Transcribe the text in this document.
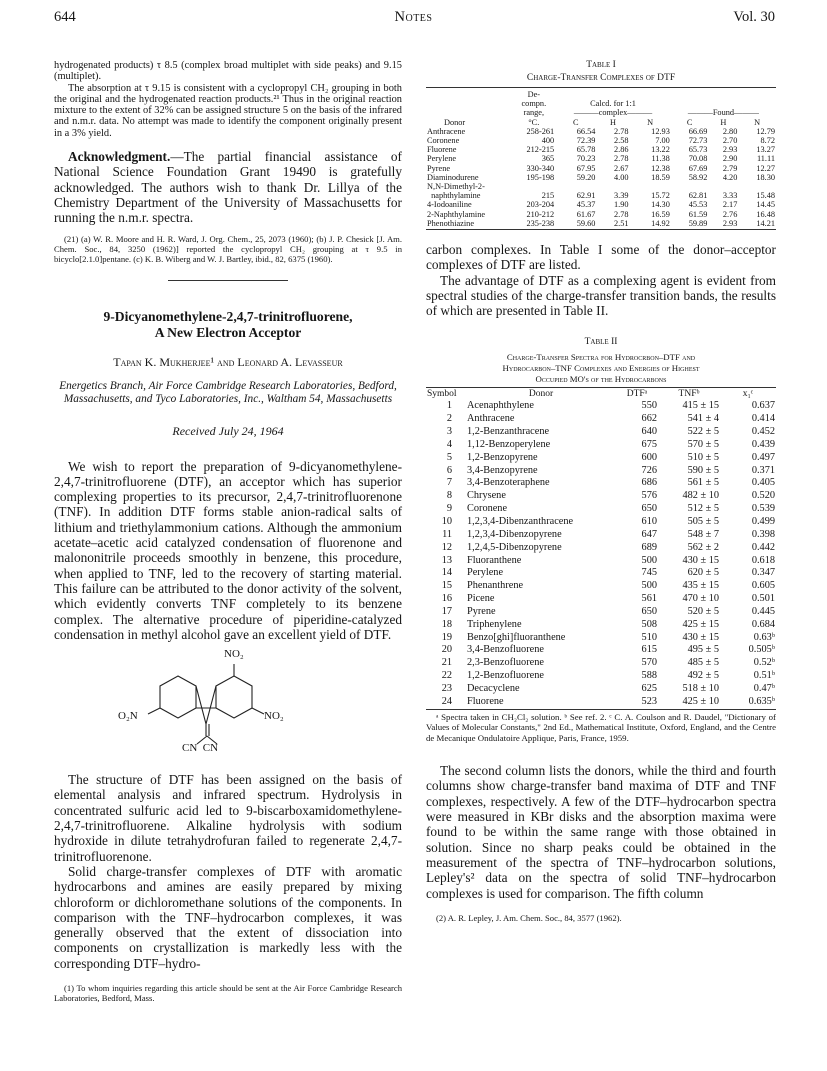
644	Notes	Vol. 30

hydrogenated products) τ 8.5 (complex broad multiplet with side peaks) and 9.15 (multiplet).

The absorption at τ 9.15 is consistent with a cyclopropyl CH₂ grouping in both the original and the hydrogenated reaction products.²¹ Thus in the original reaction mixture to the extent of 32% can be assigned structure 5 on the basis of the infrared and n.m.r. data. No attempt was made to identify the component originally present in a 3% yield.

Acknowledgment.—The partial financial assistance of National Science Foundation Grant 19490 is gratefully acknowledged. The authors wish to thank Dr. Lillya of the Chemistry Department of the University of Massachusetts for running the n.m.r. spectra.

(21) (a) W. R. Moore and H. R. Ward, J. Org. Chem., 25, 2073 (1960); (b) J. P. Chesick [J. Am. Chem. Soc., 84, 3250 (1962)] reported the cyclopropyl CH₂ grouping at τ 9.5 in bicyclo[2.1.0]pentane. (c) K. B. Wiberg and W. J. Bartley, ibid., 82, 6375 (1960).

9-Dicyanomethylene-2,4,7-trinitrofluorene,
A New Electron Acceptor
Tapan K. Mukherjee¹ and Leonard A. Levasseur
Energetics Branch, Air Force Cambridge Research Laboratories, Bedford, Massachusetts, and Tyco Laboratories, Inc., Waltham 54, Massachusetts
Received July 24, 1964

We wish to report the preparation of 9-dicyanomethylene-2,4,7-trinitrofluorene (DTF), an acceptor which has superior complexing properties to its precursor, 2,4,7-trinitrofluorenone (TNF). In addition DTF forms stable anion-radical salts of lithium and triethylammonium cations. Although the ammonium acetate–acetic acid catalyzed condensation of fluorenone and malononitrile proceeds smoothly in benzene, this procedure, when applied to TNF, led to the recovery of starting material. This failure can be attributed to the donor activity of the solvent, which evidently converts TNF completely to its benzene complex. The alternative procedure of piperidine-catalyzed condensation in methyl alcohol gave an excellent yield of DTF.

NO₂
O₂N	NO₂
CN  CN

The structure of DTF has been assigned on the basis of elemental analysis and infrared spectrum. Hydrolysis in concentrated sulfuric acid led to 9-biscarboxamidomethylene-2,4,7-trinitrofluorene. Alkaline hydrolysis with sodium hydroxide in dilute tetrahydrofuran failed to regenerate 2,4,7-trinitrofluorenone.

Solid charge-transfer complexes of DTF with aromatic hydrocarbons and amines are easily prepared by mixing chloroform or dichloromethane solutions of the components. In comparison with the TNF–hydrocarbon complexes, it was generally observed that the extent of dissociation into components on crystallization is markedly less with the corresponding DTF–hydro-

(1) To whom inquiries regarding this article should be sent at the Air Force Cambridge Research Laboratories, Bedford, Mass.

Table I
Charge-Transfer Complexes of DTF
Donor	De-						
	compn.	Calcd. for 1:1					
	range,	———complex———			———Found———		
	°C.	C	H	N	C	H	N
Anthracene	258-261	66.54	2.78	12.93	66.69	2.80	12.79
Coronene	400	72.39	2.58	7.00	72.73	2.70	8.72
Fluorene	212-215	65.78	2.86	13.22	65.73	2.93	13.27
Perylene	365	70.23	2.78	11.38	70.08	2.90	11.11
Pyrene	330-340	67.95	2.67	12.38	67.69	2.79	12.27
Diaminodurene	195-198	59.20	4.00	18.59	58.92	4.20	18.30
N,N-Dimethyl-2-							
naphthylamine	215	62.91	3.39	15.72	62.81	3.33	15.48
4-Iodoaniline	203-204	45.37	1.90	14.30	45.53	2.17	14.45
2-Naphthylamine	210-212	61.67	2.78	16.59	61.59	2.76	16.48
Phenothiazine	235-238	59.60	2.51	14.92	59.89	2.93	14.21

carbon complexes. In Table I some of the donor–acceptor complexes of DTF are listed.

The advantage of DTF as a complexing agent is evident from spectral studies of the charge-transfer transition bands, the results of which are presented in Table II.

Table II
Charge-Transfer Spectra for Hydrocrbon–DTF and
Hydrocarbon–TNF Complexes and Energies of Highest
Occupied MO's of the Hydrocarbons
Symbol	Donor	DTFᵃ	TNFᵇ	x₁ᶜ
1	Acenaphthylene	550	415 ± 15	0.637
2	Anthracene	662	541 ± 4	0.414
3	1,2-Benzanthracene	640	522 ± 5	0.452
4	1,12-Benzoperylene	675	570 ± 5	0.439
5	1,2-Benzopyrene	600	510 ± 5	0.497
6	3,4-Benzopyrene	726	590 ± 5	0.371
7	3,4-Benzoteraphene	686	561 ± 5	0.405
8	Chrysene	576	482 ± 10	0.520
9	Coronene	650	512 ± 5	0.539
10	1,2,3,4-Dibenzanthracene	610	505 ± 5	0.499
11	1,2,3,4-Dibenzopyrene	647	548 ± 7	0.398
12	1,2,4,5-Dibenzopyrene	689	562 ± 2	0.442
13	Fluoranthene	500	430 ± 15	0.618
14	Perylene	745	620 ± 5	0.347
15	Phenanthrene	500	435 ± 15	0.605
16	Picene	561	470 ± 10	0.501
17	Pyrene	650	520 ± 5	0.445
18	Triphenylene	508	425 ± 15	0.684
19	Benzo[ghi]fluoranthene	510	430 ± 15	0.63ᵇ
20	3,4-Benzofluorene	615	495 ± 5	0.505ᵇ
21	2,3-Benzofluorene	570	485 ± 5	0.52ᵇ
22	1,2-Benzofluorene	588	492 ± 5	0.51ᵇ
23	Decacyclene	625	518 ± 10	0.47ᵇ
24	Fluorene	523	425 ± 10	0.635ᵇ

ᵃ Spectra taken in CH₂Cl₂ solution. ᵇ See ref. 2. ᶜ C. A. Coulson and R. Daudel, "Dictionary of Values of Molecular Constants," 2nd Ed., Mathematical Institute, Oxford, England, and the Centre de Mecanique Ondulatoire Applique, Paris, France, 1959.

The second column lists the donors, while the third and fourth columns show charge-transfer band maxima of DTF and TNF complexes, respectively. A few of the DTF–hydrocarbon spectra were measured in KBr disks and the absorption maxima were found to be within the same range with those obtained in solution. Since no sharp peaks could be obtained in the measurement of the spectra of TNF–hydrocarbon solutions, Lepley's² data on the spectra of solid TNF–hydrocarbon complexes is used for comparison. The fifth column

(2) A. R. Lepley, J. Am. Chem. Soc., 84, 3577 (1962).
